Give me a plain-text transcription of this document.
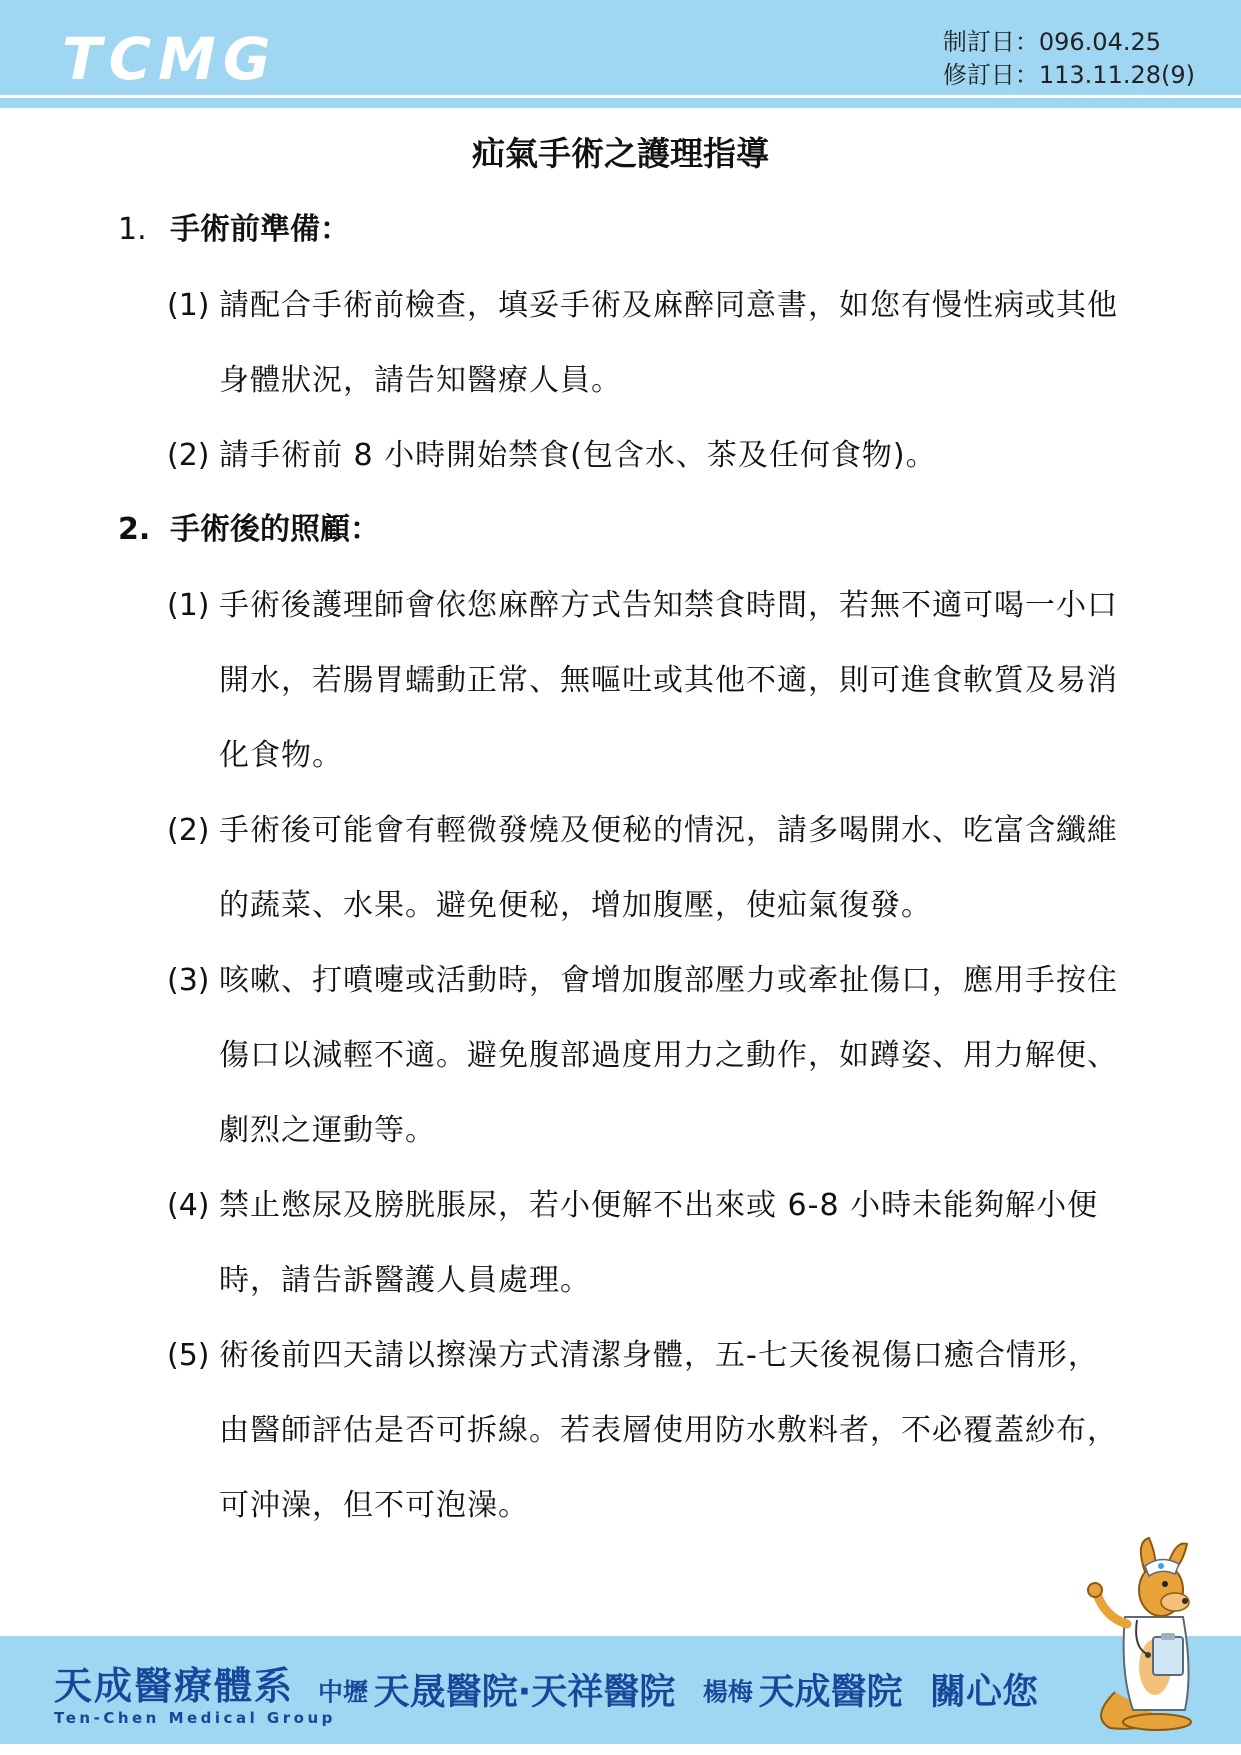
TCMG	制訂日：096.04.25
修訂日：113.11.28(9)
疝氣手術之護理指導
1. 手術前準備：
(1) 請配合手術前檢查，填妥手術及麻醉同意書，如您有慢性病或其他身體狀況，請告知醫療人員。
(2) 請手術前 8 小時開始禁食(包含水、茶及任何食物)。
2. 手術後的照顧：
(1) 手術後護理師會依您麻醉方式告知禁食時間，若無不適可喝一小口開水，若腸胃蠕動正常、無嘔吐或其他不適，則可進食軟質及易消化食物。
(2) 手術後可能會有輕微發燒及便秘的情況，請多喝開水、吃富含纖維的蔬菜、水果。避免便秘，增加腹壓，使疝氣復發。
(3) 咳嗽、打噴嚏或活動時，會增加腹部壓力或牽扯傷口，應用手按住傷口以減輕不適。避免腹部過度用力之動作，如蹲姿、用力解便、劇烈之運動等。
(4) 禁止憋尿及膀胱脹尿，若小便解不出來或 6-8 小時未能夠解小便時，請告訴醫護人員處理。
(5) 術後前四天請以擦澡方式清潔身體，五-七天後視傷口癒合情形，由醫師評估是否可拆線。若表層使用防水敷料者，不必覆蓋紗布，可沖澡，但不可泡澡。
天成醫療體系
Ten-Chen Medical Group
中壢 天晟醫院·天祥醫院 楊梅 天成醫院 關心您
